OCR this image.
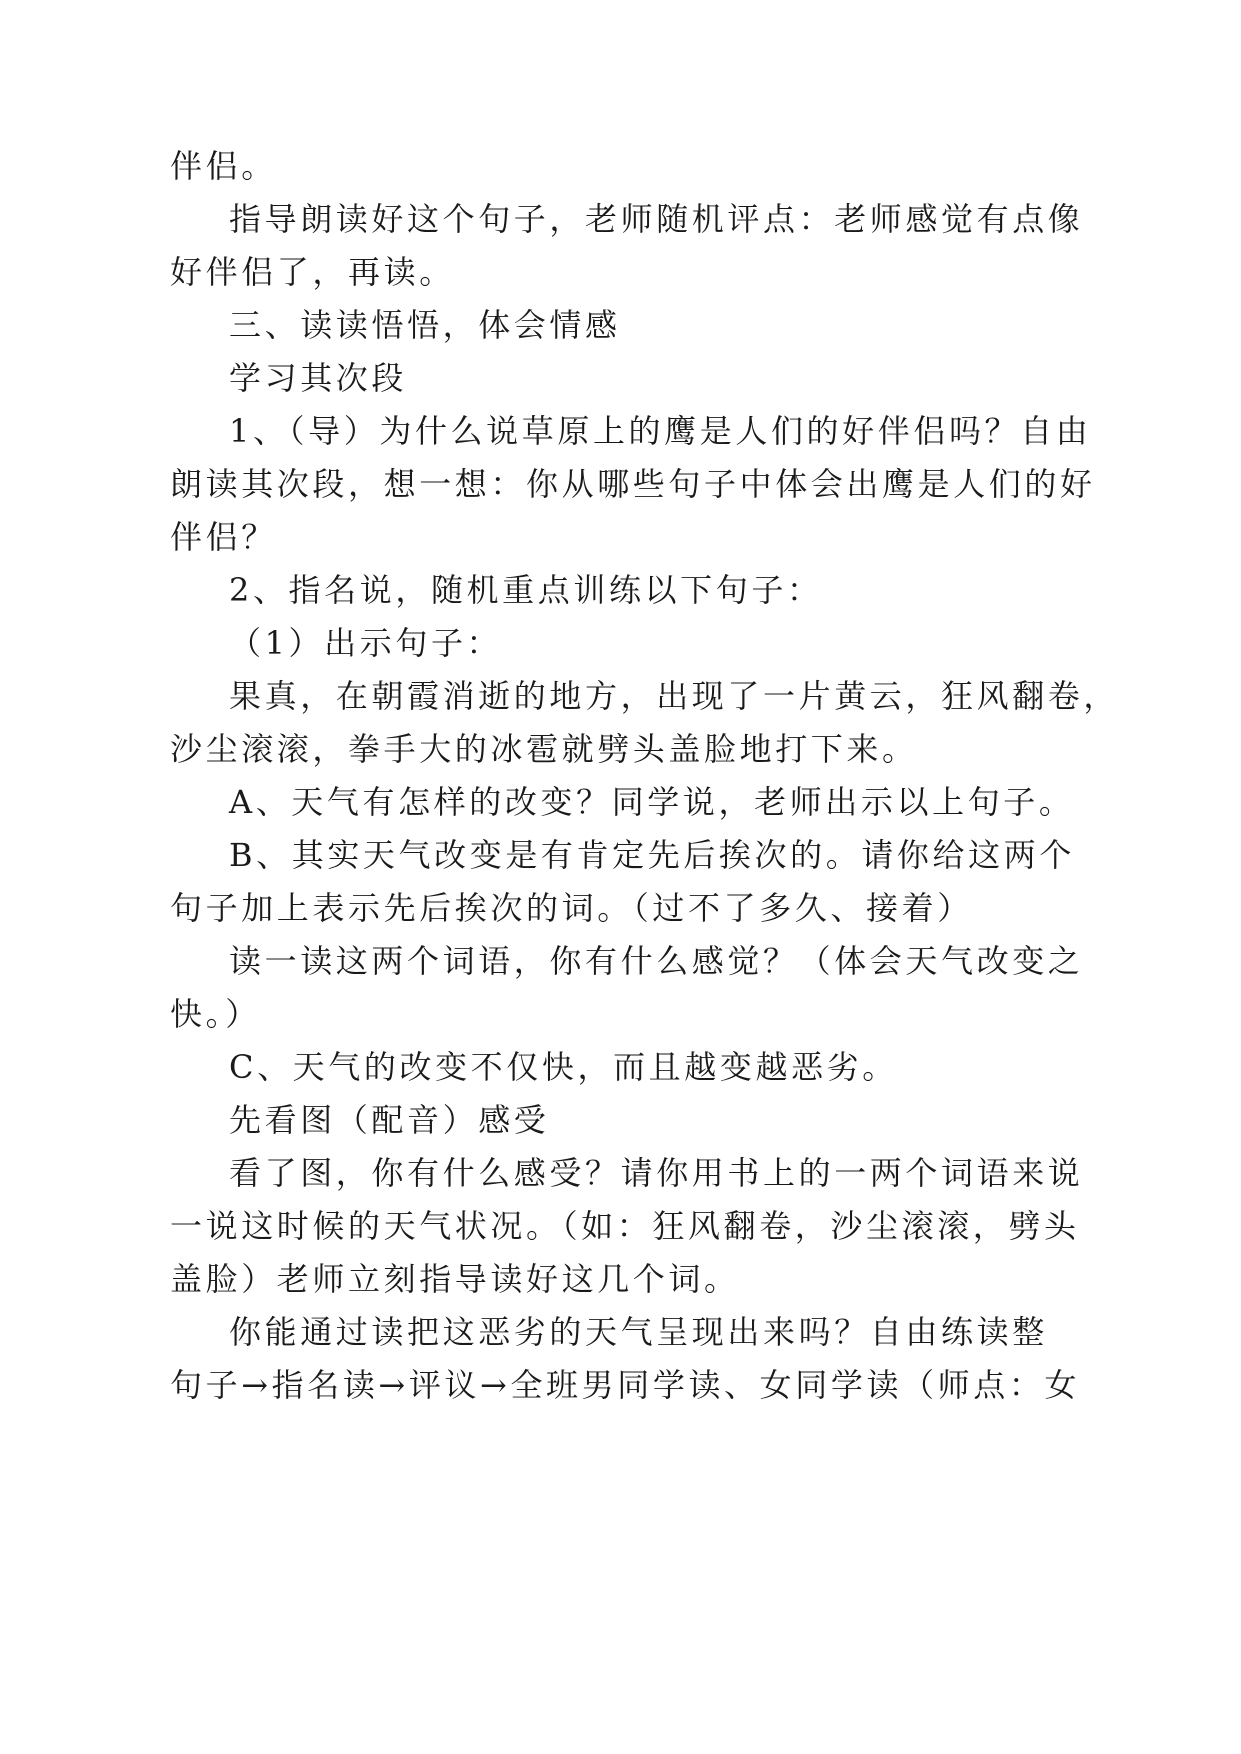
伴侣。
指导朗读好这个句子，老师随机评点：老师感觉有点像
好伴侣了，再读。
三、读读悟悟，体会情感
学习其次段
1、（导）为什么说草原上的鹰是人们的好伴侣吗？自由
朗读其次段，想一想：你从哪些句子中体会出鹰是人们的好
伴侣？
2、指名说，随机重点训练以下句子：
（1）出示句子：
果真，在朝霞消逝的地方，出现了一片黄云，狂风翻卷，
沙尘滚滚，拳手大的冰雹就劈头盖脸地打下来。
A、天气有怎样的改变？同学说，老师出示以上句子。
B、其实天气改变是有肯定先后挨次的。请你给这两个
句子加上表示先后挨次的词。（过不了多久、接着）
读一读这两个词语，你有什么感觉？（体会天气改变之
快。）
C、天气的改变不仅快，而且越变越恶劣。
先看图（配音）感受
看了图，你有什么感受？请你用书上的一两个词语来说
一说这时候的天气状况。（如：狂风翻卷，沙尘滚滚，劈头
盖脸）老师立刻指导读好这几个词。
你能通过读把这恶劣的天气呈现出来吗？自由练读整
句子→指名读→评议→全班男同学读、女同学读（师点：女
